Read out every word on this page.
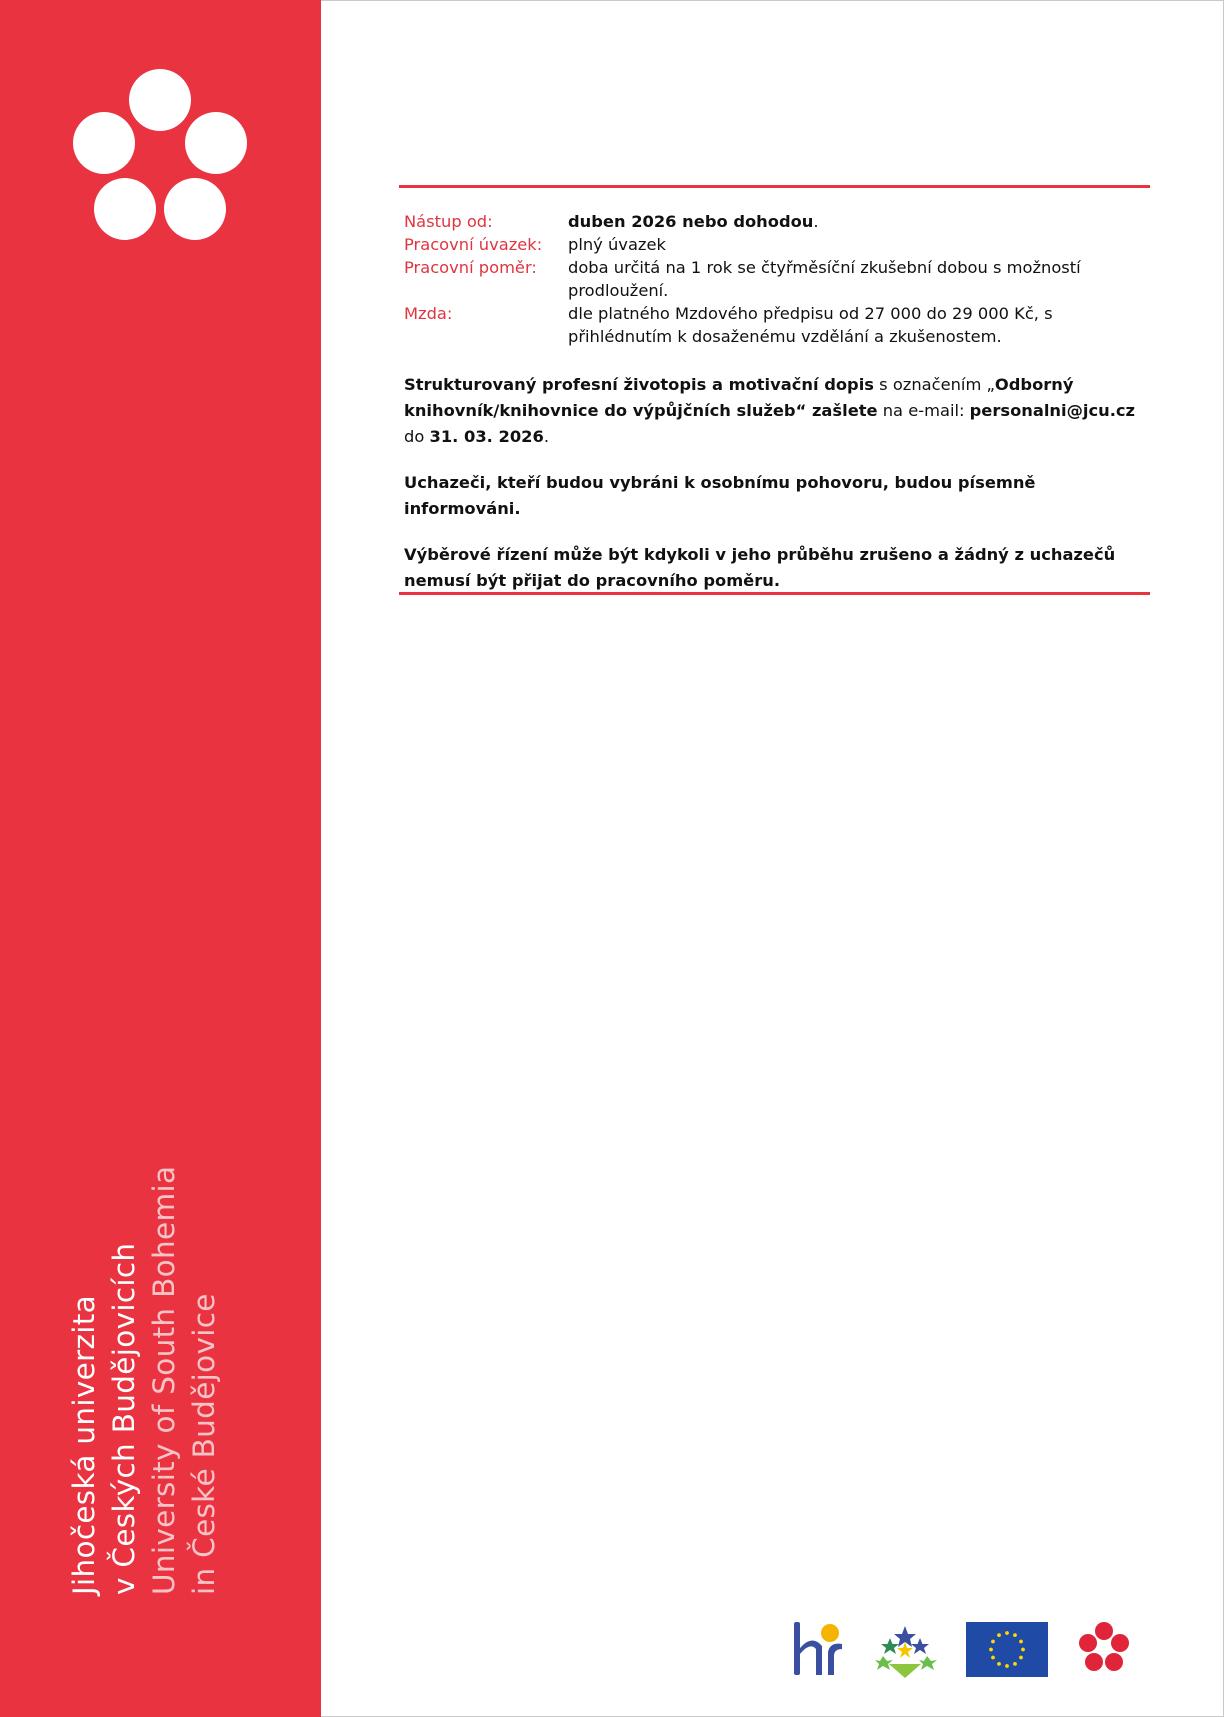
Jihočeská univerzita v Českých Budějovicích University of South Bohemia in České Budějovice
Nástup od:	duben 2026 nebo dohodou.
Pracovní úvazek:	plný úvazek
Pracovní poměr:	doba určitá na 1 rok se čtyřměsíční zkušební dobou s možností prodloužení.
Mzda:	dle platného Mzdového předpisu od 27 000 do 29 000 Kč, s přihlédnutím k dosaženému vzdělání a zkušenostem.
Strukturovaný profesní životopis a motivační dopis s označením „Odborný knihovník/knihovnice do výpůjčních služeb“ zašlete na e-mail: personalni@jcu.cz do 31. 03. 2026.
Uchazeči, kteří budou vybráni k osobnímu pohovoru, budou písemně informováni.
Výběrové řízení může být kdykoli v jeho průběhu zrušeno a žádný z uchazečů nemusí být přijat do pracovního poměru.
